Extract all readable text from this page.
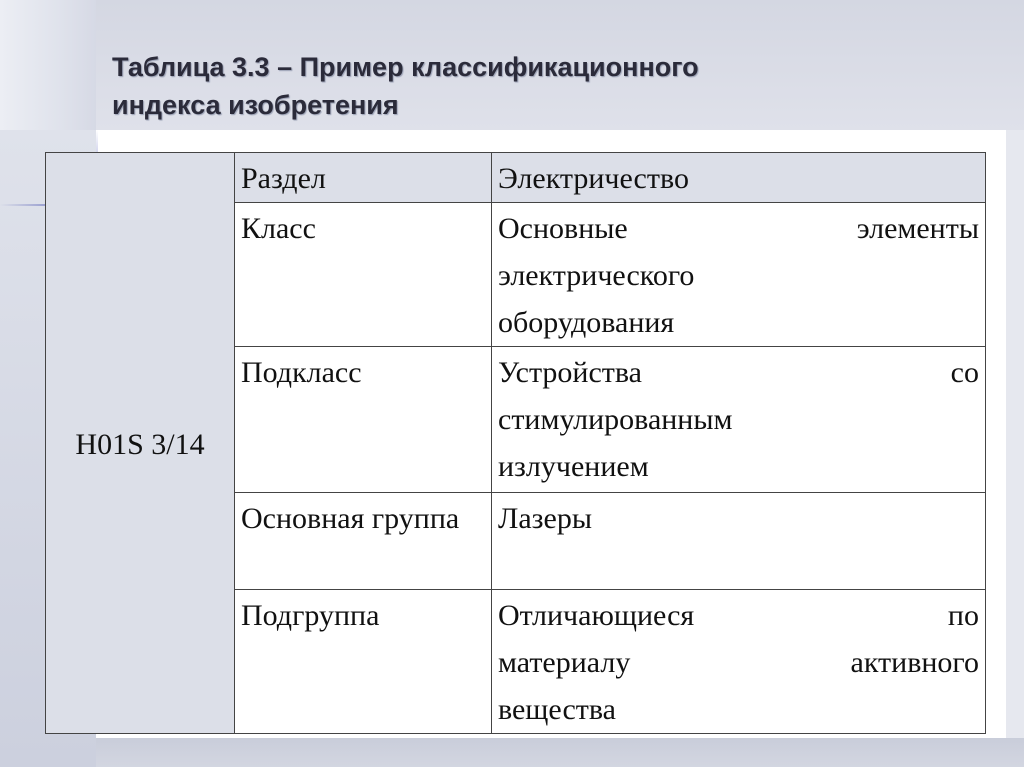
Таблица 3.3 – Пример классификационного
индекса изобретения
H01S 3/14	Раздел	Электричество

	Класс	Основные элементы
электрического
оборудования

	Подкласс	Устройства со
стимулированным
излучением

	Основная группа	Лазеры

	Подгруппа	Отличающиеся по
материалу активного
вещества
